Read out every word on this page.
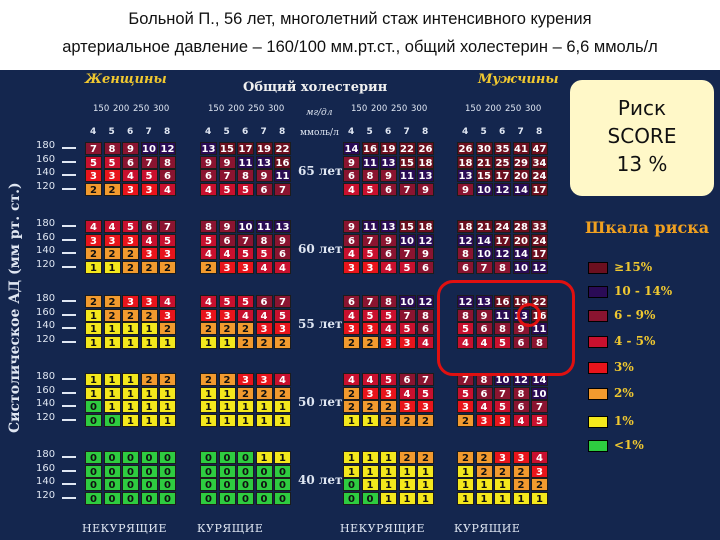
Больной П., 56 лет, многолетний стаж интенсивного курения
артериальное давление – 160/100 мм.рт.ст., общий холестерин – 6,6 ммоль/л
Женщины	Мужчины
Общий холестерин
мг/дл
ммоль/л
Систолическое АД (мм рт. ст.)
150 200 250 300
4 5 6 7 8
НЕКУРЯЩИЕ
150 200 250 300
4 5 6 7 8
КУРЯЩИЕ
150 200 250 300
4 5 6 7 8
НЕКУРЯЩИЕ
150 200 250 300
4 5 6 7 8
КУРЯЩИЕ
180
160
140
120
65 лет
7	8	9 10 12
5	5	6	7	8
3	3	4	5	6
2	2	3	3	4
13 15 17 19 22
9	9 11 13 16
6	7	8	9 11
4	5	5	6	7
14 16 19 22 26
9 11 13 15 18
6	8	9 11 13
4	5	6	7	9
26 30 35 41 47
18 21 25 29 34
13 15 17 20 24
9 10 12 14 17
180
160
140
120
60 лет
4	4	5	6	7
3	3	3	4	5
2	2	2	3	3
1	1	2	2	2
8	9 10 11 13
5	6	7	8	9
4	4	5	5	6
2	3	3	4	4
9 11 13 15 18
6	7	9 10 12
4	5	6	7	9
3	3	4	5	6
18 21 24 28 33
12 14 17 20 24
8 10 12 14 17
6	7	8 10 12
180
160
140
120
55 лет
2	2	3	3	4
1	2	2	2	3
1	1	1	1	2
1	1	1	1	1
4	5	5	6	7
3	3	4	4	5
2	2	2	3	3
1	1	2	2	2
6	7	8 10 12
4	5	5	7	8
3	3	4	5	6
2	2	3	3	4
12 13 16 19 22
8	9 11 13 16
5	6	8	9 11
4	4	5	6	8
180
160
140
120
50 лет
1	1	1	2	2
1	1	1	1	1
0	1	1	1	1
0	0	1	1	1
2	2	3	3	4
1	1	2	2	2
1	1	1	1	1
1	1	1	1	1
4	4	5	6	7
2	3	3	4	5
2	2	2	3	3
1	1	2	2	2
7	8 10 12 14
5	6	7	8 10
3	4	5	6	7
2	3	3	4	5
180
160
140
120
40 лет
0	0	0	0	0
0	0	0	0	0
0	0	0	0	0
0	0	0	0	0
0	0	0	1	1
0	0	0	0	0
0	0	0	0	0
0	0	0	0	0
1	1	1	2	2
1	1	1	1	1
0	1	1	1	1
0	0	1	1	1
2	2	3	3	4
1	2	2	2	3
1	1	1	2	2
1	1	1	1	1
Риск
SCORE
13 %
Шкала риска
≥15%
10 - 14%
6 - 9%
4 - 5%
3%
2%
1%
<1%
